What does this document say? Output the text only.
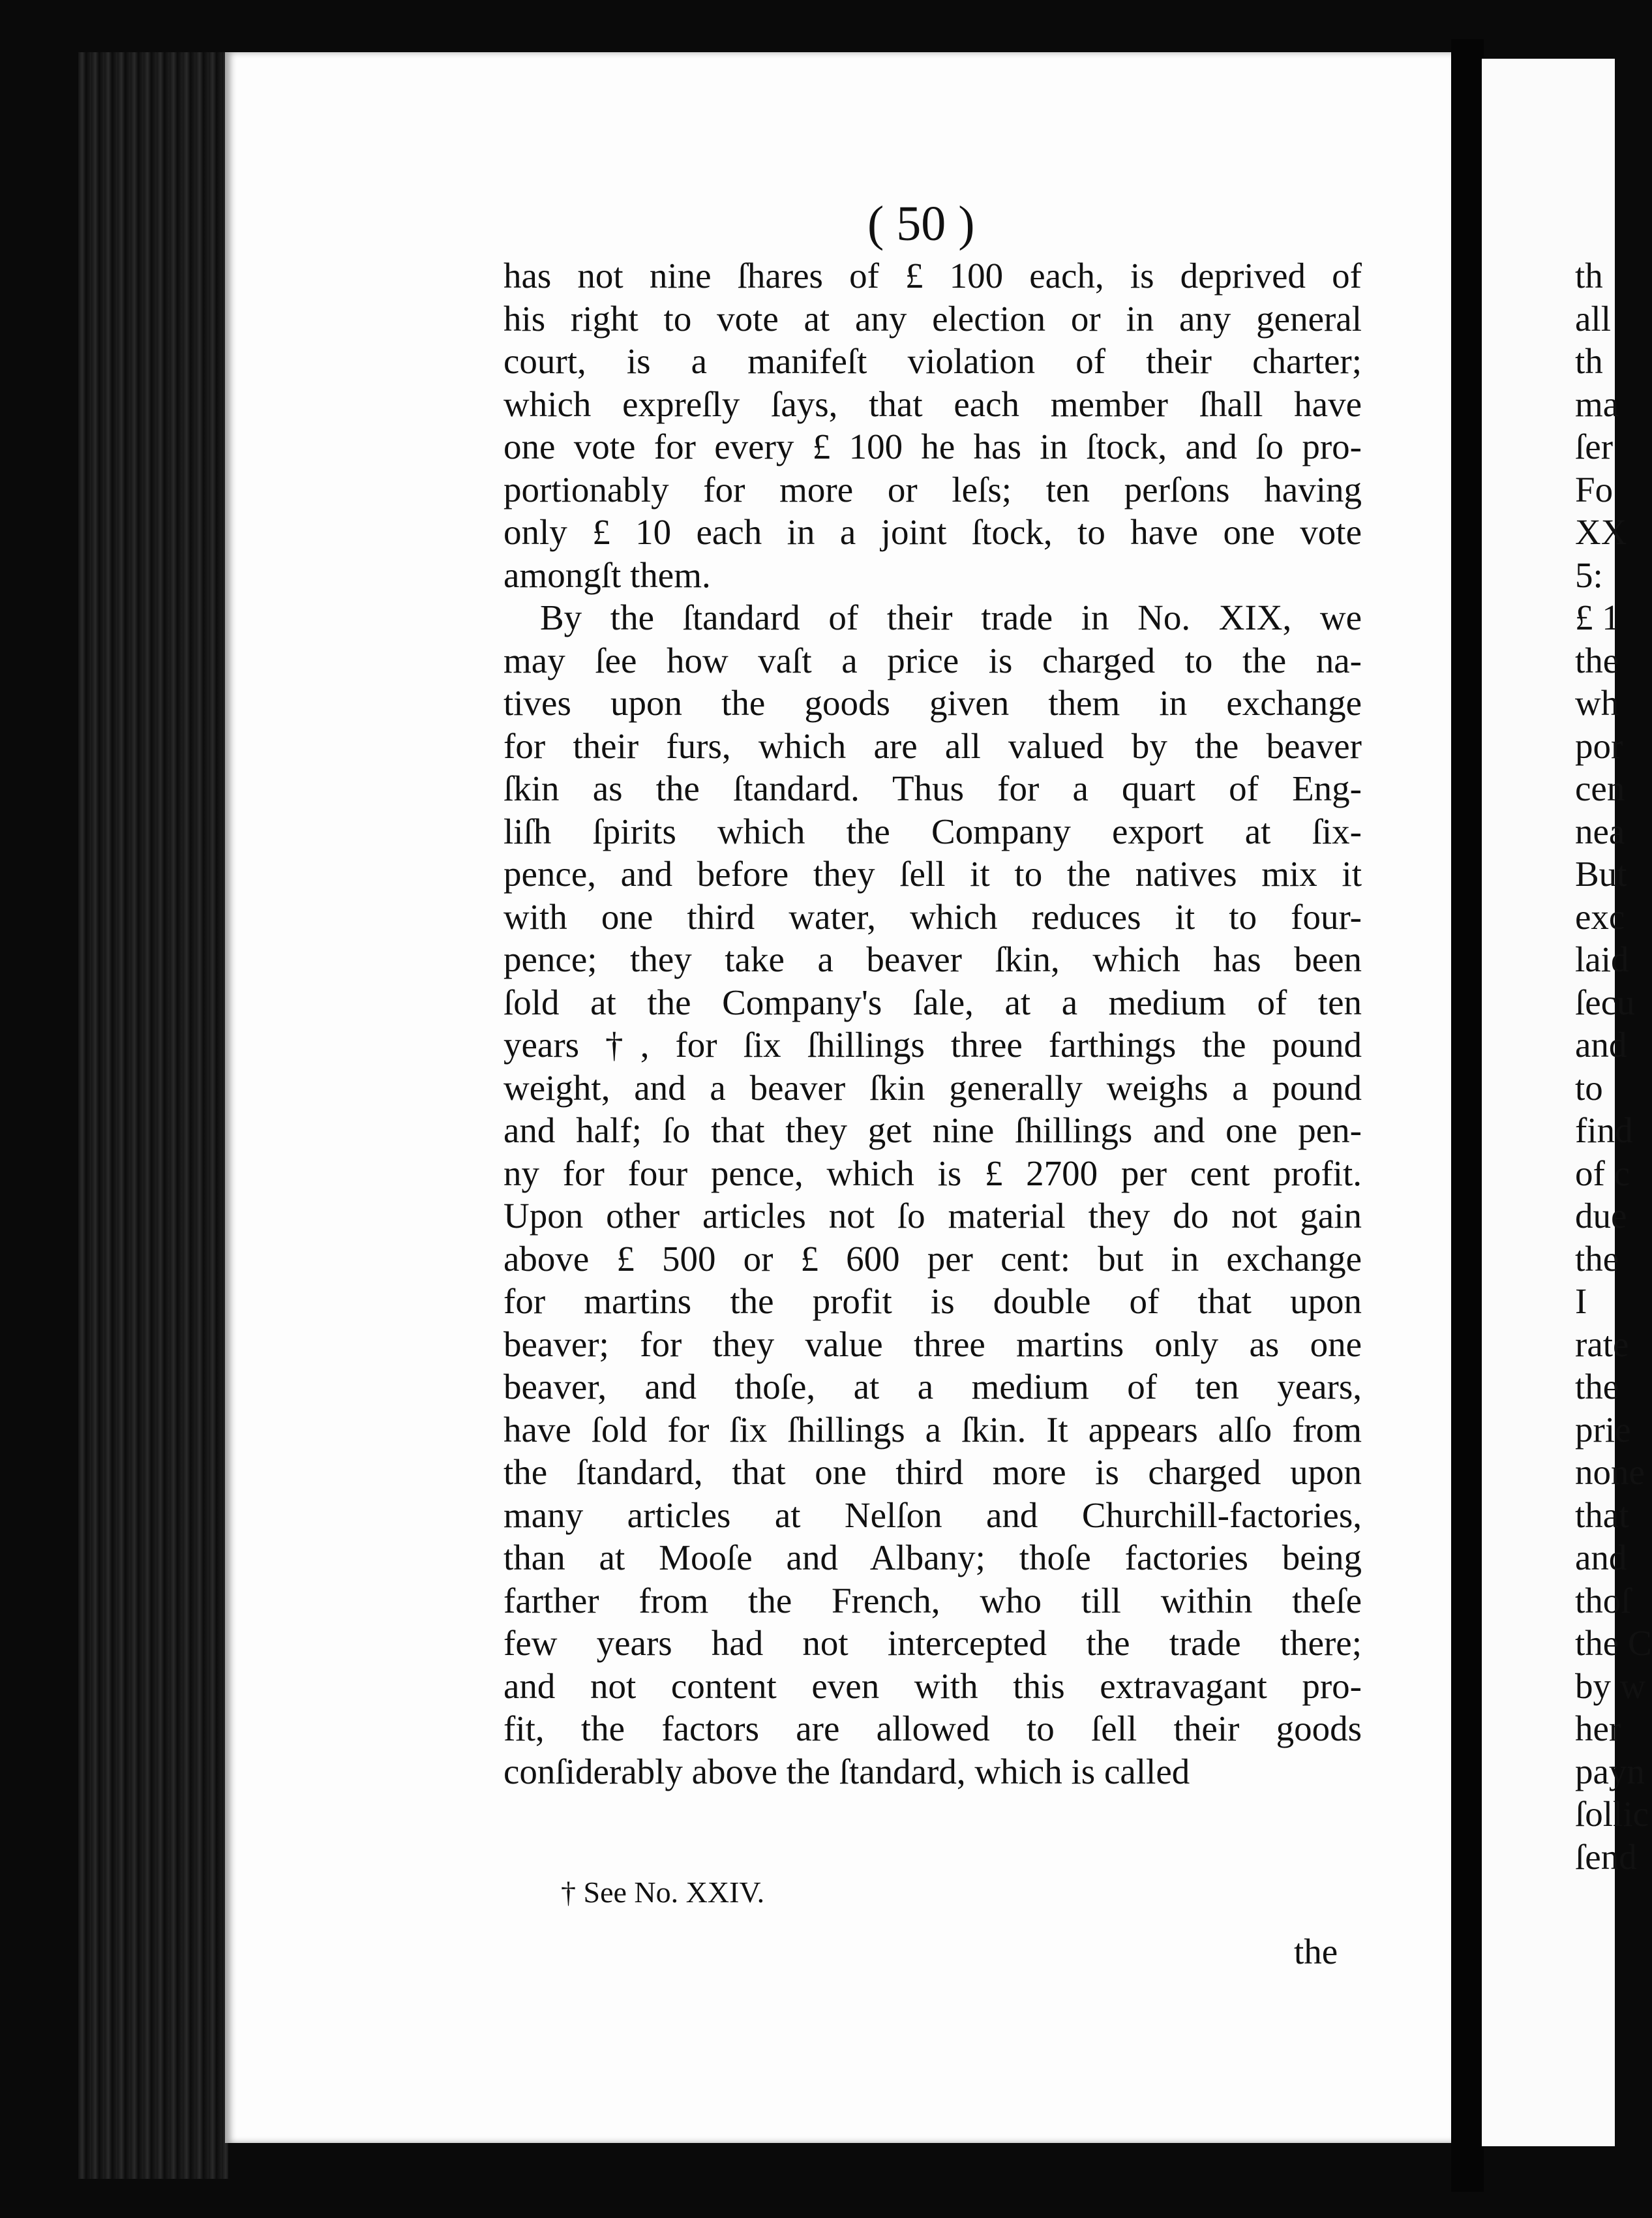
( 50 )
has not nine ſhares of £ 100 each, is deprived of
his right to vote at any election or in any general
court, is a manifeſt violation of their charter;
which expreſly ſays, that each member ſhall have
one vote for every £ 100 he has in ſtock, and ſo pro-
portionably for more or leſs; ten perſons having
only £ 10 each in a joint ſtock, to have one vote
amongſt them.
By the ſtandard of their trade in No. XIX, we
may ſee how vaſt a price is charged to the na-
tives upon the goods given them in exchange
for their furs, which are all valued by the beaver
ſkin as the ſtandard. Thus for a quart of Eng-
liſh ſpirits which the Company export at ſix-
pence, and before they ſell it to the natives mix it
with one third water, which reduces it to four-
pence; they take a beaver ſkin, which has been
ſold at the Company's ſale, at a medium of ten
years †, for ſix ſhillings three farthings the pound
weight, and a beaver ſkin generally weighs a pound
and half; ſo that they get nine ſhillings and one pen-
ny for four pence, which is £ 2700 per cent profit.
Upon other articles not ſo material they do not gain
above £ 500 or £ 600 per cent: but in exchange
for martins the profit is double of that upon
beaver; for they value three martins only as one
beaver, and thoſe, at a medium of ten years,
have ſold for ſix ſhillings a ſkin. It appears alſo from
the ſtandard, that one third more is charged upon
many articles at Nelſon and Churchill-factories,
than at Mooſe and Albany; thoſe factories being
farther from the French, who till within theſe
few years had not intercepted the trade there;
and not content even with this extravagant pro-
fit, the factors are allowed to ſell their goods
conſiderably above the ſtandard, which is called
† See No. XXIV.
the
th
all
th
ma
ſer
Fo
XX
5:
£ 1
the
wh
por
cen
nea
But
exc
laid
ſecu
and
to
find
of c
due
the
I
rate
the
prie
none
that
and
thoſ
the C
by w
her
payn
ſollic
ſend
